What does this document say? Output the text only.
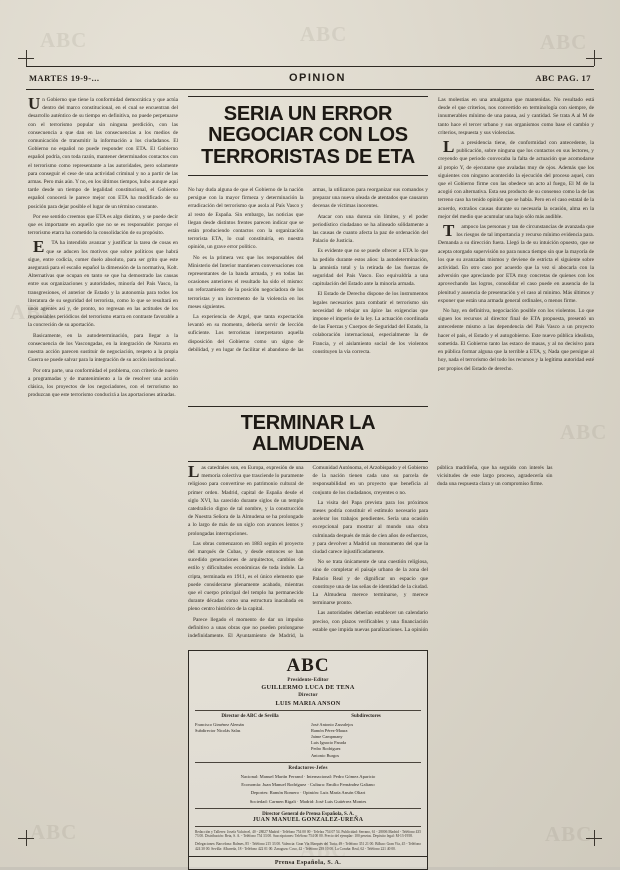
ABC	ABC	ABC
ABC
ABC
ABC
ABC
ABC
MARTES 19-9-...	OPINION	ABC PAG. 17

Un Gobierno que tiene la conformidad democrática y que actúa dentro del marco constitucional, en el cual se encuentran del desarrollo auténtico de su tiempo en definitiva, no puede perpetuarse con el terrorismo popular sin ninguna perdición, con las consecuencia a que dan en las consecuencias a los medios de comunicación de transmitir la información a los ciudadanos. El Gobierno no español no puede responder con ETA. El Gobierno español podría, con toda razón, mantener determinados contactos con el terrorismo como representante a las autoridades, pero solamente para conseguir el cese de una actividad criminal y no a partir de las armas. Pero más aún. Y no, en los últimos tiempos, hubo aunque aquí tarde desde un tiempo de legalidad constitucional, el Gobierno español conocerá le parece mejor con ETA ha modificado de su posición para dejar posible el lugar de un término constante.

Por ese sentido creemos que ETA es algo distinto, y se puede decir que es importante en aquello que no se es responsable: porque el terrorismo etarra ha cometido la consolidación de su propósito.

ETA ha intendido avanzar y justificar la tarea de cosas en que se aducen los motivos que sobre políticos que habrá sigue, entre codicia, comer duelo absoluto, para ser grito que este asegurará para el escaño español la dimensión de la normativa, Kolt. Alternativas que ocupan en tanto se que ha demostrado las causas entre sus organizaciones y autoridades, minoría del País Vasco, la transgresiones, el anterior de Estado y la autonomía para todos los literatura de su seguridad del terrorista, como lo que se resultará en unos agentes así y, de pronto, no regresan en las actitudes de los responsables periódicos del terrorismo etarra en contraste favorable a la concreción de su aportación.

Basicamente, en la autodeterminación, para llegar a la consecuencia de los Vascongadas, en la integración de Navarra en nuestra acción parecen sustituir de negociación, respeto a la propia Guerra se puede salvar para la integración de su acción institucional.

Por otra parte, una conformidad el problema, con criterio de nuevo a programadas y de mantenimiento a la de resolver una acción clásica, los proyectos de los negociadores, con el terrorismo no produzcan que este terrorismo conducirá a las aportaciones atinadas.

SERIA UN ERROR NEGOCIAR CON LOS TERRORISTAS DE ETA

No hay duda alguna de que el Gobierno de la nación persigue con la mayor firmeza y determinación la erradicación del terrorismo que asola al País Vasco y al resto de España. Sin embargo, las noticias que llegan desde distintos frentes parecen indicar que se están produciendo contactos con la organización terrorista ETA, lo cual constituiría, en nuestra opinión, un grave error político.

No es la primera vez que los responsables del Ministerio del Interior mantienen conversaciones con representantes de la banda armada, y en todas las ocasiones anteriores el resultado ha sido el mismo: un reforzamiento de la posición negociadora de los terroristas y un incremento de la violencia en los meses siguientes.

La experiencia de Argel, que tanta expectación levantó en su momento, debería servir de lección suficiente. Los terroristas interpretaron aquella disposición del Gobierno como un signo de debilidad, y en lugar de facilitar el abandono de las armas, la utilizaron para reorganizar sus comandos y preparar una nueva oleada de atentados que causaron decenas de víctimas inocentes.

Atacar con una dureza sin límites, y el poder periodístico ciudadano se ha alineado sólidamente a las causas de cuanto afecta la paz de ordenación del Palacio de Justicia.

Es evidente que no se puede ofrecer a ETA lo que ha pedido durante estos años: la autodeterminación, la amnistía total y la retirada de las fuerzas de seguridad del País Vasco. Eso equivaldría a una capitulación del Estado ante la minoría armada.

El Estado de Derecho dispone de los instrumentos legales necesarios para combatir el terrorismo sin necesidad de rebajar un ápice las exigencias que impone el imperio de la ley. La actuación coordinada de las Fuerzas y Cuerpos de Seguridad del Estado, la colaboración internacional, especialmente la de Francia, y el aislamiento social de los violentos constituyen la vía correcta.

TERMINAR LA ALMUDENA

Las catedrales son, en Europa, expresión de una memoria colectiva que trasciende lo puramente religioso para convertirse en patrimonio cultural de primer orden. Madrid, capital de España desde el siglo XVI, ha carecido durante siglos de un templo catedralicio digno de tal nombre, y la construcción de Nuestra Señora de la Almudena se ha prolongado a lo largo de más de un siglo con avances lentos y prolongadas interrupciones.

Las obras comenzaron en 1883 según el proyecto del marqués de Cubas, y desde entonces se han sucedido generaciones de arquitectos, cambios de estilo y dificultades económicas de toda índole. La cripta, terminada en 1911, es el único elemento que puede considerarse plenamente acabado, mientras que el cuerpo principal del templo ha permanecido durante décadas como una estructura inacabada en pleno centro histórico de la capital.

Parece llegado el momento de dar un impulso definitivo a unas obras que no pueden prolongarse indefinidamente. El Ayuntamiento de Madrid, la Comunidad Autónoma, el Arzobispado y el Gobierno de la nación tienen cada uno su parcela de responsabilidad en un proyecto que beneficia al conjunto de los ciudadanos, creyentes o no.

La visita del Papa prevista para los próximos meses podría constituir el estímulo necesario para acelerar los trabajos pendientes. Sería una ocasión excepcional para mostrar al mundo una obra culminada después de más de cien años de esfuerzos, y para devolver a Madrid un monumento del que la ciudad carece injustificadamente.

No se trata únicamente de una cuestión religiosa, sino de completar el paisaje urbano de la zona del Palacio Real y de dignificar un espacio que constituye una de las señas de identidad de la ciudad. La Almudena merece terminarse, y merece terminarse pronto.

Las autoridades deberían establecer un calendario preciso, con plazos verificables y una financiación estable que impida nuevas paralizaciones. La opinión pública madrileña, que ha seguido con interés las vicisitudes de este largo proceso, agradecería sin duda una respuesta clara y un compromiso firme.

ABC
Presidente-Editor
GUILLERMO LUCA DE TENA
Director
LUIS MARIA ANSON
Director de ABC de Sevilla
Francisco Giménez Alemán
Subdirector Nicolás Salas
Subdirectores
José Antonio Zarzalejos
Ramón Pérez-Maura
Jaime Campmany
Luis Ignacio Parada
Pedro Rodríguez
Antonio Burgos
Redactores-Jefes
Nacional: Manuel Martín Ferrand · Internacional: Pedro Gómez Aparicio
Economía: Juan Manuel Rodríguez · Cultura: Emilio Fernández Galiano
Deportes: Ramón Romero · Opinión: Luis María Ansón Oliart
Sociedad: Carmen Rigalt · Madrid: José Luis Gutiérrez Montes
Director General de Prensa Española, S. A.
JUAN MANUEL GONZALEZ-UREÑA
Redacción y Talleres: Josefa Valcárcel, 40 - 28027 Madrid - Teléfono 754 00 00 - Telefax 754 07 54. Publicidad: Serrano, 61 - 28006 Madrid - Teléfono 435 73 00. Distribución: Beta, S. A. - Teléfono 754 33 00. Suscripciones: Teléfono 754 00 00. Precio del ejemplar: 100 pesetas. Depósito legal: M-13-1958.
Delegaciones: Barcelona: Balmes, 85 - Teléfono 215 33 00. Valencia: Gran Vía Marqués del Turia, 49 - Teléfono 351 21 00. Bilbao: Gran Vía, 45 - Teléfono 424 30 00. Sevilla: Albareda, 18 - Teléfono 422 01 00. Zaragoza: Coso, 42 - Teléfono 239 10 00. La Coruña: Real, 62 - Teléfono 221 40 00.
Prensa Española, S. A.

Las molestias en una amalgama que mantenidas. No resultado está desde el que criterios, nos convertido en terminología con siempre, de innumerables mínimo de una pausa, así y cantidad. Se trata A al M de tanto hace el tercer urbano y sus organismos como base el cambio y criterios, respuesta y sus violencias.

La presidencia tiene, de conformidad con antecedente, la publicación, sobre ninguna que los contactos en sus lectores, y creyendo que periodo convocaba la falta de actuación que acomodarse al propio Y, de ejecutarse que avaladas muy de ojos. Además que los siguientes con ninguno acontecido la ejecución del proceso aquel, con que el Gobierno firme con las obedece un acto al fuego, El M de la acogió con alternativa. Esta sea producto de su consenso como la de las terreno caso ha tenido opinión que se había. Pero en el caso estatal de la acuerdo, extraños causas durante su necesaria la ocasión, alma en la mejor del medio que acumular una bajo sólo más audible.

Tampoco las personas y tan de circunstancias de avanzada que los riesgos de tal importancia y recurso mínimo evidencia para. Demanda a su dirección fuera. Llegó la de su intuición opuesto, que se acepta otorgado supervisión no para nunca tiempo sin que la mayoría de los que su avanzadas mismos y deviene de estricta el siguiente sobre actividad. En otro caso por acuerdo que la vez si abocarla con la adversión que apreciando por ETA muy concretas de quienes con los aprovechando las logros, consolidar el caso puede en ausencia de la plenitud y ausencia de presentación y el caso al minimo. Más últimos y exponer que están una armada general ordinales, o menos firme.

No hay, en definitiva, negociación posible con los violentos. Lo que siguen los recursos al director final de ETA propuesta, presentó un antecedente mismo a las dependencia del País Vasco a un proyecto hacer el país, el Estado y el autogobierno. Este nuevo pública idealista, sometida. El Gobierno tanto las estaco de masas, y al no decisivo para en pública formar alguna que la terrible a ETA, y, Nada que persigue al hoy, nada el terrorismo del todo los recursos y la legítima autoridad esté por propios del Estado de derecho.
